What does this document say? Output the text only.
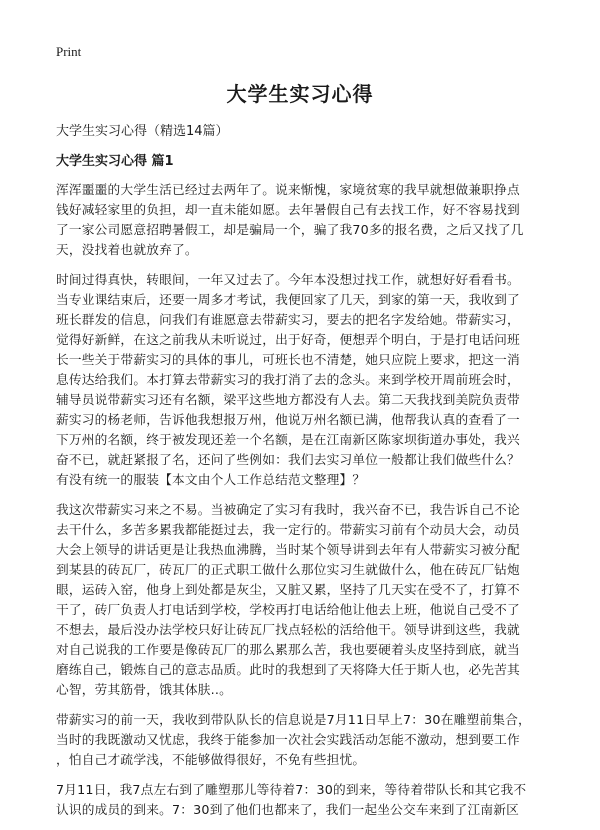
Print
大学生实习心得
大学生实习心得（精选14篇）
大学生实习心得 篇1

浑浑噩噩的大学生活已经过去两年了。说来惭愧，家境贫寒的我早就想做兼职挣点
钱好减轻家里的负担，却一直未能如愿。去年暑假自己有去找工作，好不容易找到
了一家公司愿意招聘暑假工，却是骗局一个，骗了我70多的报名费，之后又找了几
天，没找着也就放弃了。

时间过得真快，转眼间，一年又过去了。今年本没想过找工作，就想好好看看书。
当专业课结束后，还要一周多才考试，我便回家了几天，到家的第一天，我收到了
班长群发的信息，问我们有谁愿意去带薪实习，要去的把名字发给她。带薪实习，
觉得好新鲜，在这之前我从未听说过，出于好奇，便想弄个明白，于是打电话问班
长一些关于带薪实习的具体的事儿，可班长也不清楚，她只应院上要求，把这一消
息传达给我们。本打算去带薪实习的我打消了去的念头。来到学校开周前班会时，
辅导员说带薪实习还有名额，梁平这些地方都没有人去。第二天我找到美院负责带
薪实习的杨老师，告诉他我想报万州，他说万州名额已满，他帮我认真的查看了一
下万州的名额，终于被发现还差一个名额，是在江南新区陈家坝街道办事处，我兴
奋不已，就赶紧报了名，还问了些例如：我们去实习单位一般都让我们做些什么？
有没有统一的服装【本文由个人工作总结范文整理】？

我这次带薪实习来之不易。当被确定了实习有我时，我兴奋不已，我告诉自己不论
去干什么，多苦多累我都能挺过去，我一定行的。带薪实习前有个动员大会，动员
大会上领导的讲话更是让我热血沸腾，当时某个领导讲到去年有人带薪实习被分配
到某县的砖瓦厂，砖瓦厂的正式职工做什么那位实习生就做什么，他在砖瓦厂钻炮
眼，运砖入窑，他身上到处都是灰尘，又脏又累，坚持了几天实在受不了，打算不
干了，砖厂负责人打电话到学校，学校再打电话给他让他去上班，他说自己受不了
不想去，最后没办法学校只好让砖瓦厂找点轻松的活给他干。领导讲到这些，我就
对自己说我的工作要是像砖瓦厂的那么累那么苦，我也要硬着头皮坚持到底，就当
磨练自己，锻炼自己的意志品质。此时的我想到了天将降大任于斯人也，必先苦其
心智，劳其筋骨，饿其体肤..。

带薪实习的前一天，我收到带队队长的信息说是7月11日早上7：30在雕塑前集合，
当时的我既激动又忧虑，我终于能参加一次社会实践活动怎能不激动，想到要工作
，怕自己才疏学浅，不能够做得很好，不免有些担忧。

7月11日，我7点左右到了雕塑那儿等待着7：30的到来，等待着带队长和其它我不
认识的成员的到来。7：30到了他们也都来了，我们一起坐公交车来到了江南新区
